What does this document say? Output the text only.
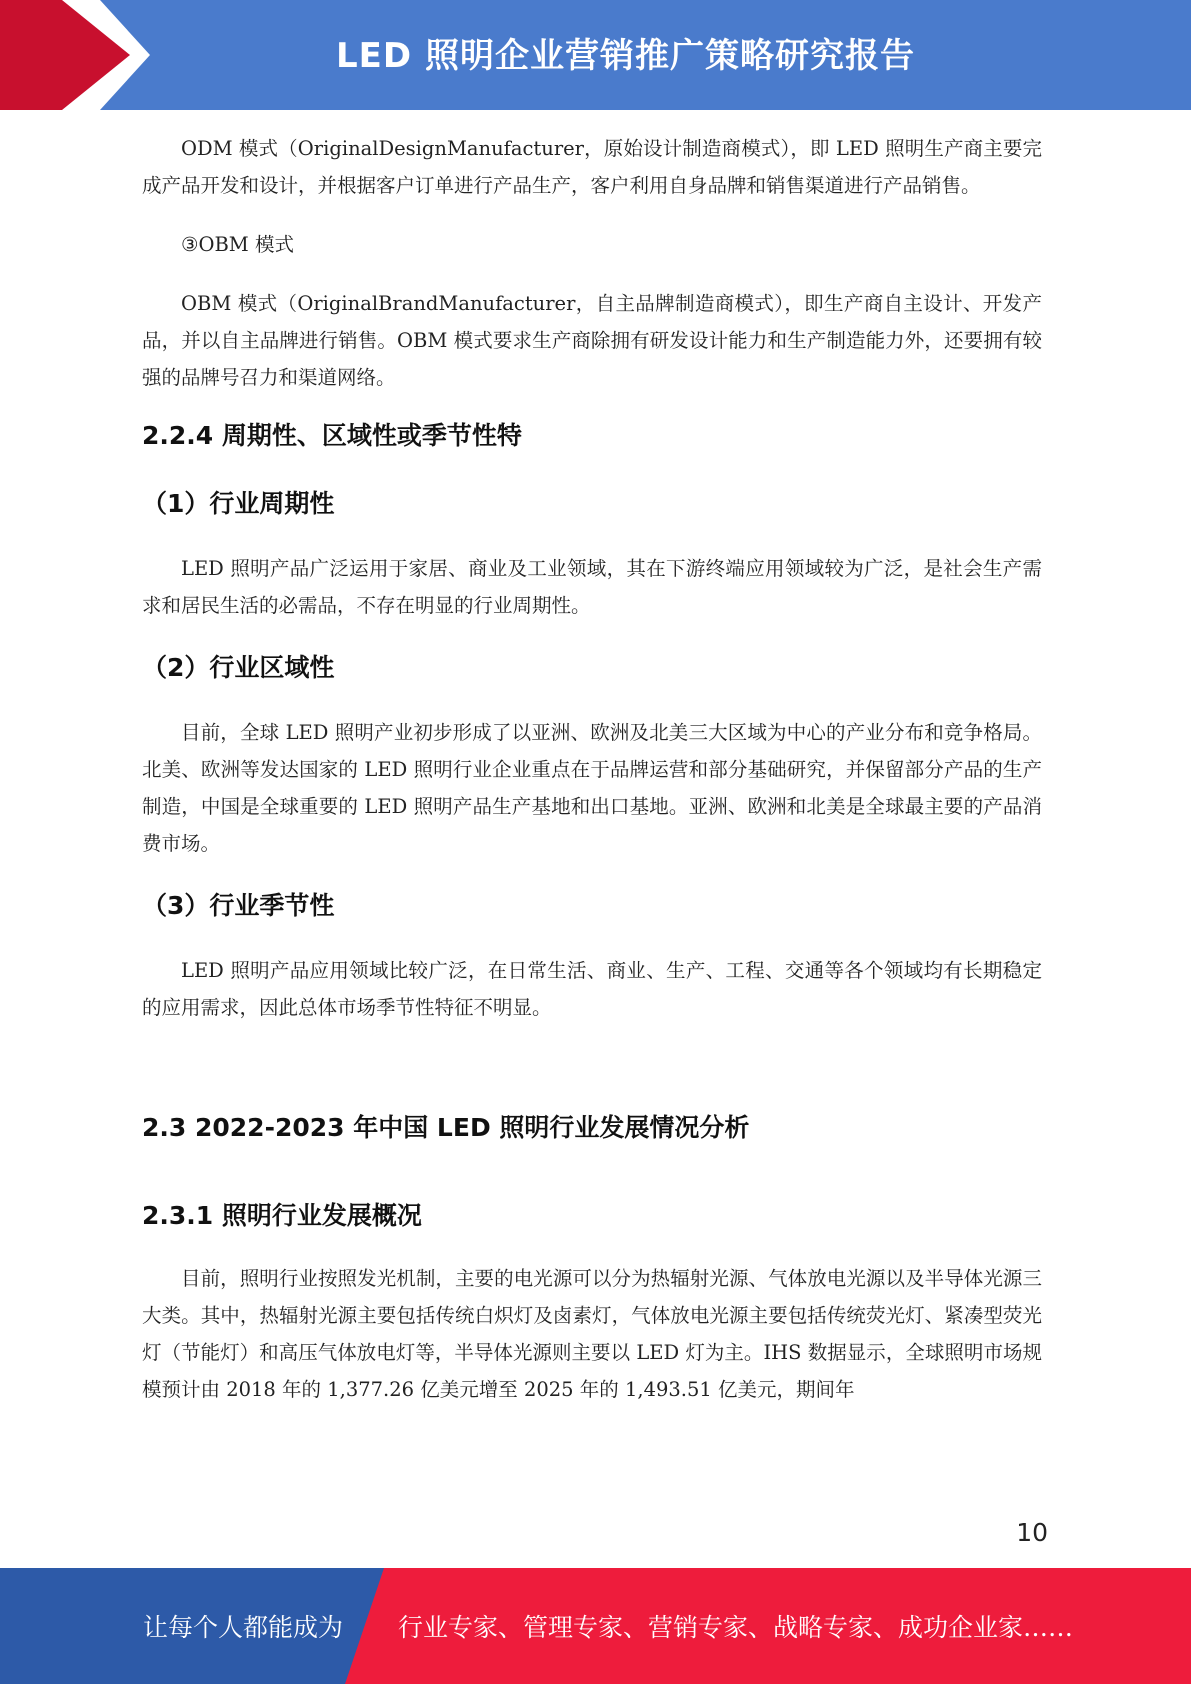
LED 照明企业营销推广策略研究报告

ODM 模式（OriginalDesignManufacturer，原始设计制造商模式），即 LED 照明生产商主要完成产品开发和设计，并根据客户订单进行产品生产，客户利用自身品牌和销售渠道进行产品销售。

③OBM 模式

OBM 模式（OriginalBrandManufacturer，自主品牌制造商模式），即生产商自主设计、开发产品，并以自主品牌进行销售。OBM 模式要求生产商除拥有研发设计能力和生产制造能力外，还要拥有较强的品牌号召力和渠道网络。

2.2.4 周期性、区域性或季节性特
（1）行业周期性

LED 照明产品广泛运用于家居、商业及工业领域，其在下游终端应用领域较为广泛，是社会生产需求和居民生活的必需品，不存在明显的行业周期性。

（2）行业区域性

目前，全球 LED 照明产业初步形成了以亚洲、欧洲及北美三大区域为中心的产业分布和竞争格局。北美、欧洲等发达国家的 LED 照明行业企业重点在于品牌运营和部分基础研究，并保留部分产品的生产制造，中国是全球重要的 LED 照明产品生产基地和出口基地。亚洲、欧洲和北美是全球最主要的产品消费市场。

（3）行业季节性

LED 照明产品应用领域比较广泛，在日常生活、商业、生产、工程、交通等各个领域均有长期稳定的应用需求，因此总体市场季节性特征不明显。

2.3 2022-2023 年中国 LED 照明行业发展情况分析
2.3.1 照明行业发展概况

目前，照明行业按照发光机制，主要的电光源可以分为热辐射光源、气体放电光源以及半导体光源三大类。其中，热辐射光源主要包括传统白炽灯及卤素灯，气体放电光源主要包括传统荧光灯、紧凑型荧光灯（节能灯）和高压气体放电灯等，半导体光源则主要以 LED 灯为主。IHS 数据显示，全球照明市场规模预计由 2018 年的 1,377.26 亿美元增至 2025 年的 1,493.51 亿美元，期间年

10
让每个人都能成为 行业专家、管理专家、营销专家、战略专家、成功企业家……
